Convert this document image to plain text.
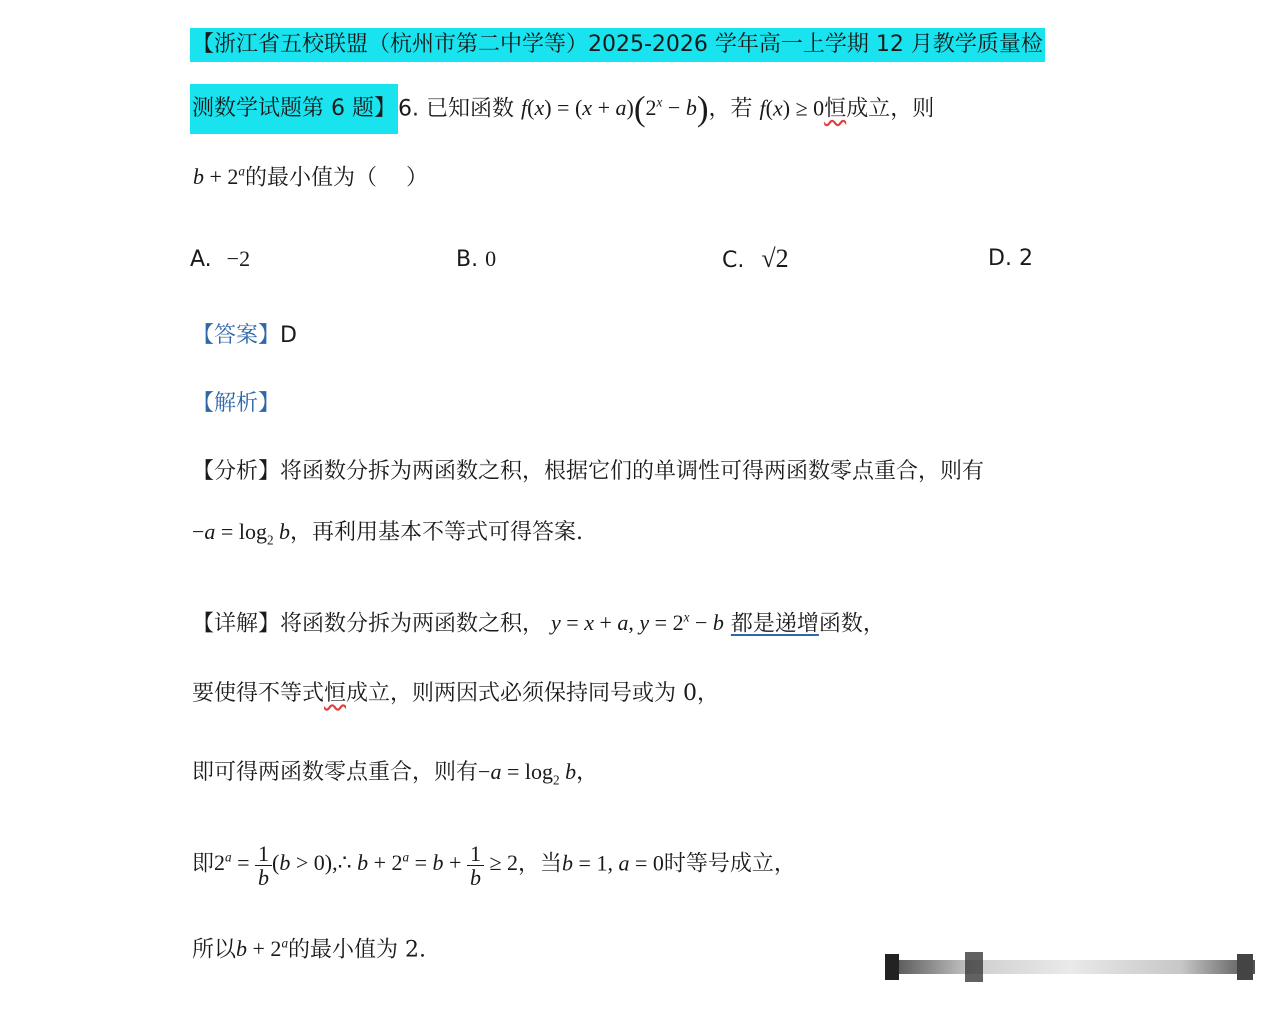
【浙江省五校联盟（杭州市第二中学等）2025-2026 学年高一上学期 12 月教学质量检
测数学试题第 6 题】6. 已知函数 $f(x) = (x + a)(2^x - b)$，若 f(x) ≥ 0恒成立，则
$b + 2^a$的最小值为（　 ）
A. −2	B. 0	C. √2	D. 2
【答案】D
【解析】
【分析】将函数分拆为两函数之积，根据它们的单调性可得两函数零点重合，则有
$-a = \log_2 b$，再利用基本不等式可得答案.
【详解】将函数分拆为两函数之积， y = x + a, $y = 2^x - b$ 都是递增函数，
要使得不等式恒成立，则两因式必须保持同号或为 0，
即可得两函数零点重合，则有$-a = \log_2 b$，
即$2^a = \frac{1}{b} (b$ > 0),∴ $b + 2^a = b + \frac{1}{b} \ge 2$，当b = 1, a = 0时等号成立，
所以$b + 2^a$的最小值为 2.
